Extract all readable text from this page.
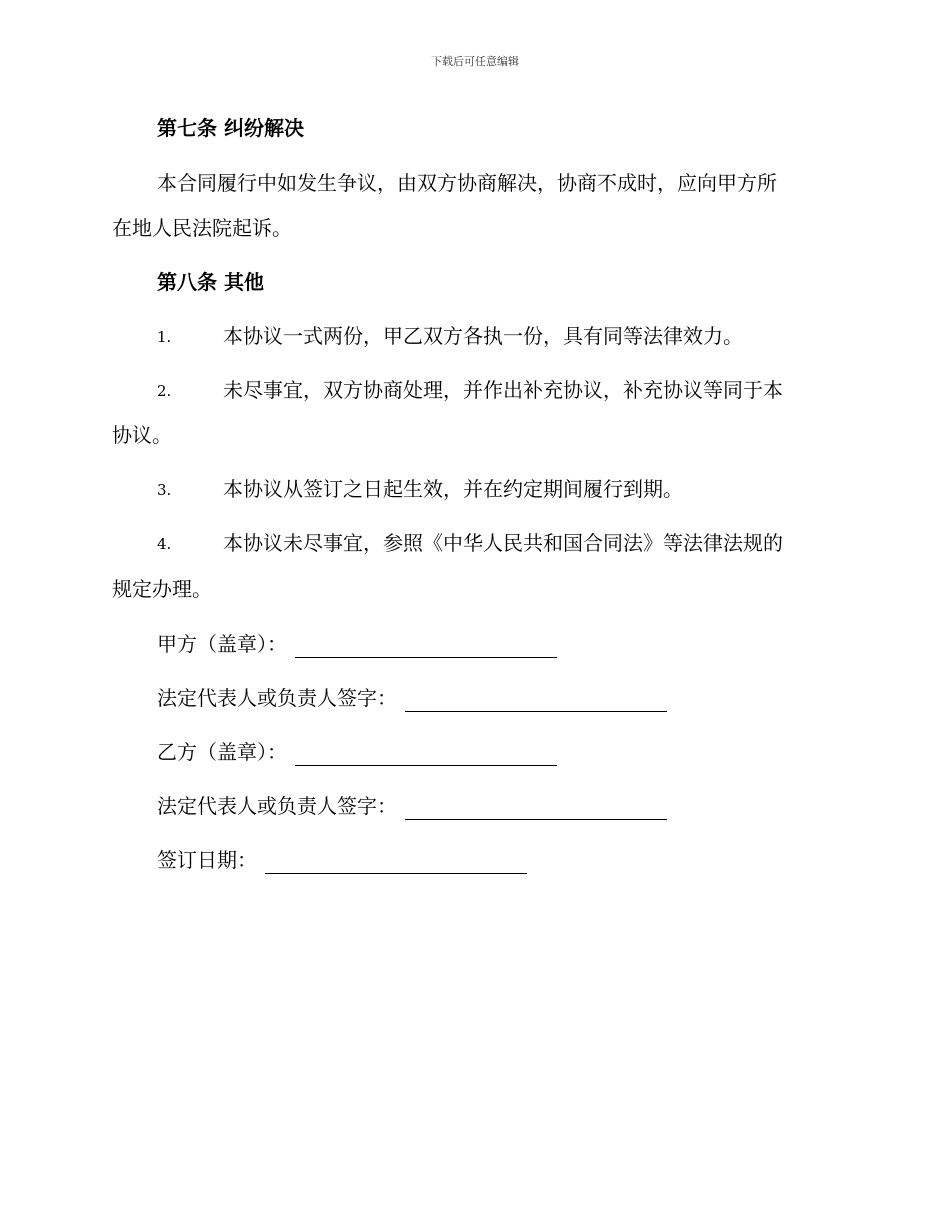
下载后可任意编辑
第七条 纠纷解决
本合同履行中如发生争议，由双方协商解决，协商不成时，应向甲方所
在地人民法院起诉。
第八条 其他
1.	本协议一式两份，甲乙双方各执一份，具有同等法律效力。
2.	未尽事宜，双方协商处理，并作出补充协议，补充协议等同于本
协议。
3.	本协议从签订之日起生效，并在约定期间履行到期。
4.	本协议未尽事宜，参照《中华人民共和国合同法》等法律法规的
规定办理。
甲方（盖章）：
法定代表人或负责人签字：
乙方（盖章）：
法定代表人或负责人签字：
签订日期：
